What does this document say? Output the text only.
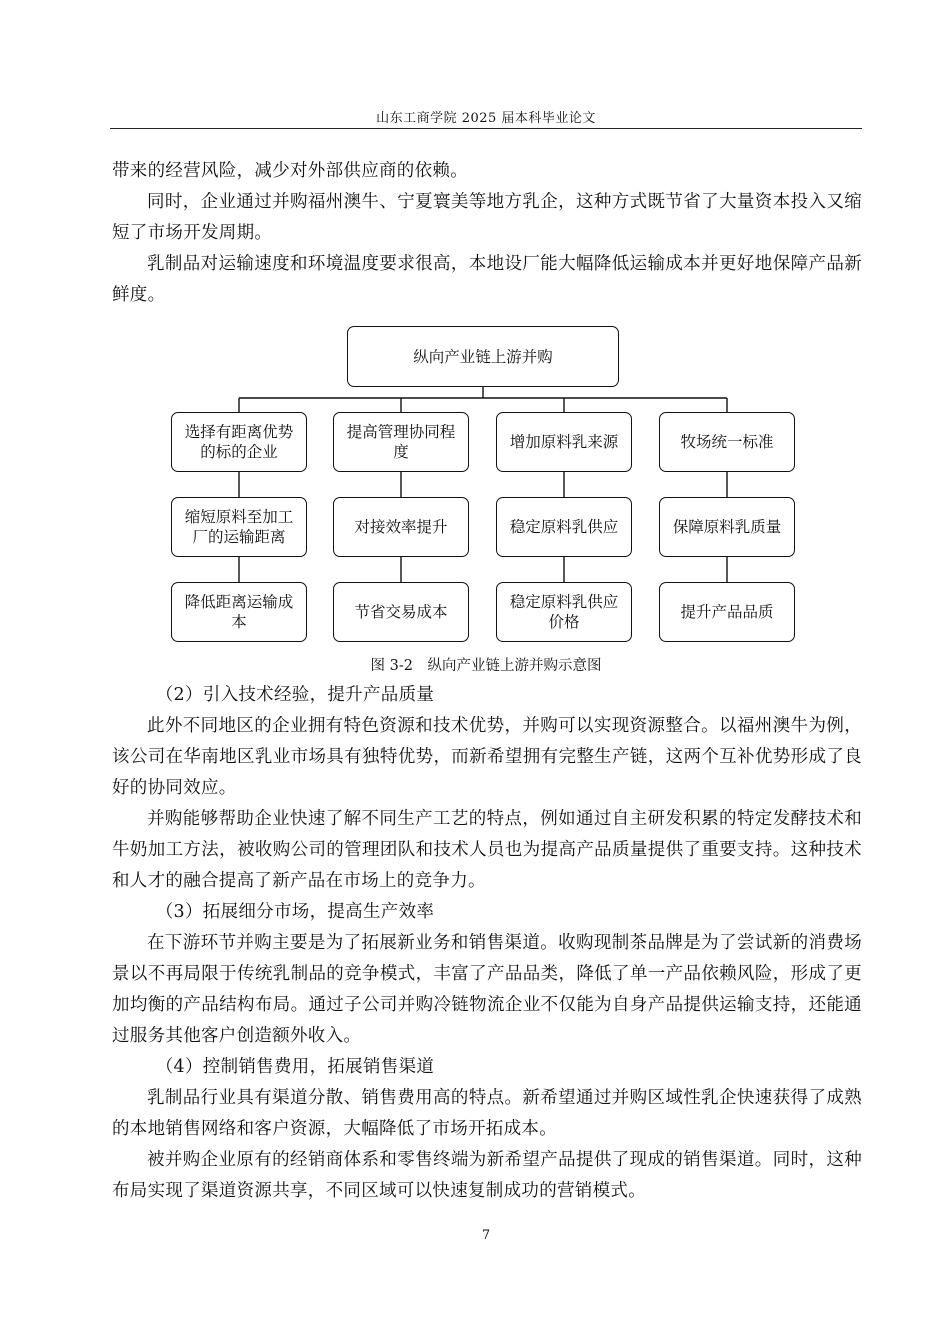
山东工商学院 2025 届本科毕业论文

带来的经营风险，减少对外部供应商的依赖。

同时，企业通过并购福州澳牛、宁夏寰美等地方乳企，这种方式既节省了大量资本投入又缩短了市场开发周期。

乳制品对运输速度和环境温度要求很高，本地设厂能大幅降低运输成本并更好地保障产品新鲜度。

纵向产业链上游并购
选择有距离优势的标的企业
提高管理协同程度
增加原料乳来源	牧场统一标准
缩短原料至加工厂的运输距离
对接效率提升	稳定原料乳供应	保障原料乳质量
降低距离运输成本
节省交易成本
稳定原料乳供应价格
提升产品品质
图 3-2　纵向产业链上游并购示意图

（2）引入技术经验，提升产品质量

此外不同地区的企业拥有特色资源和技术优势，并购可以实现资源整合。以福州澳牛为例，该公司在华南地区乳业市场具有独特优势，而新希望拥有完整生产链，这两个互补优势形成了良好的协同效应。

并购能够帮助企业快速了解不同生产工艺的特点，例如通过自主研发积累的特定发酵技术和牛奶加工方法，被收购公司的管理团队和技术人员也为提高产品质量提供了重要支持。这种技术和人才的融合提高了新产品在市场上的竞争力。

（3）拓展细分市场，提高生产效率

在下游环节并购主要是为了拓展新业务和销售渠道。收购现制茶品牌是为了尝试新的消费场景以不再局限于传统乳制品的竞争模式，丰富了产品品类，降低了单一产品依赖风险，形成了更加均衡的产品结构布局。通过子公司并购冷链物流企业不仅能为自身产品提供运输支持，还能通过服务其他客户创造额外收入。

（4）控制销售费用，拓展销售渠道

乳制品行业具有渠道分散、销售费用高的特点。新希望通过并购区域性乳企快速获得了成熟的本地销售网络和客户资源，大幅降低了市场开拓成本。

被并购企业原有的经销商体系和零售终端为新希望产品提供了现成的销售渠道。同时，这种布局实现了渠道资源共享，不同区域可以快速复制成功的营销模式。

7
